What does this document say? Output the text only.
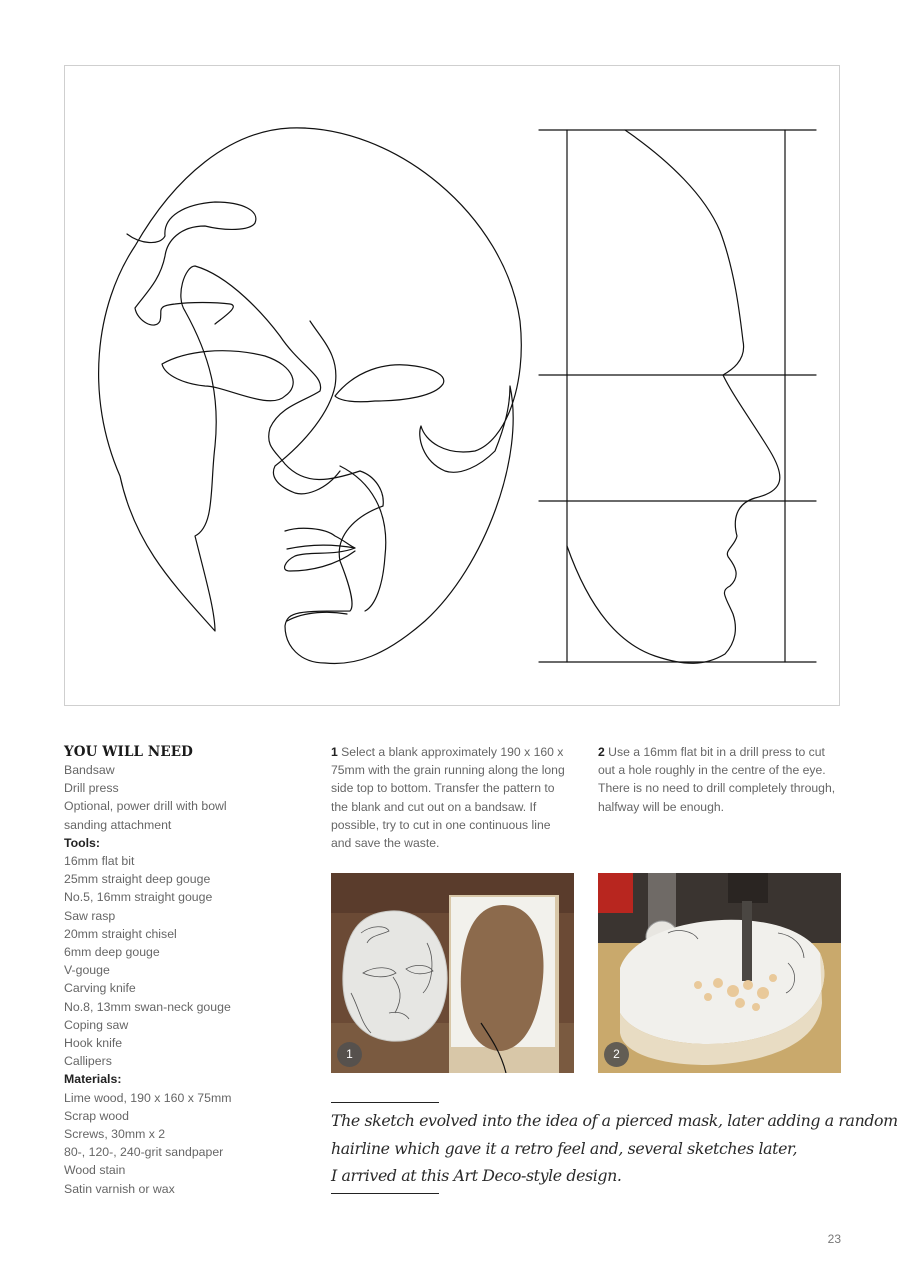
YOU WILL NEED
Bandsaw
Drill press
Optional, power drill with bowl
sanding attachment
Tools:
16mm flat bit
25mm straight deep gouge
No.5, 16mm straight gouge
Saw rasp
20mm straight chisel
6mm deep gouge
V-gouge
Carving knife
No.8, 13mm swan-neck gouge
Coping saw
Hook knife
Callipers
Materials:
Lime wood, 190 x 160 x 75mm
Scrap wood
Screws, 30mm x 2
80-, 120-, 240-grit sandpaper
Wood stain
Satin varnish or wax
1 Select a blank approximately 190 x 160 x 75mm with the grain running along the long side top to bottom. Transfer the pattern to the blank and cut out on a bandsaw. If possible, try to cut in one continuous line and save the waste.
2 Use a 16mm flat bit in a drill press to cut out a hole roughly in the centre of the eye. There is no need to drill completely through, halfway will be enough.
1	2
The sketch evolved into the idea of a pierced mask, later adding a random
hairline which gave it a retro feel and, several sketches later,
I arrived at this Art Deco-style design.
23
